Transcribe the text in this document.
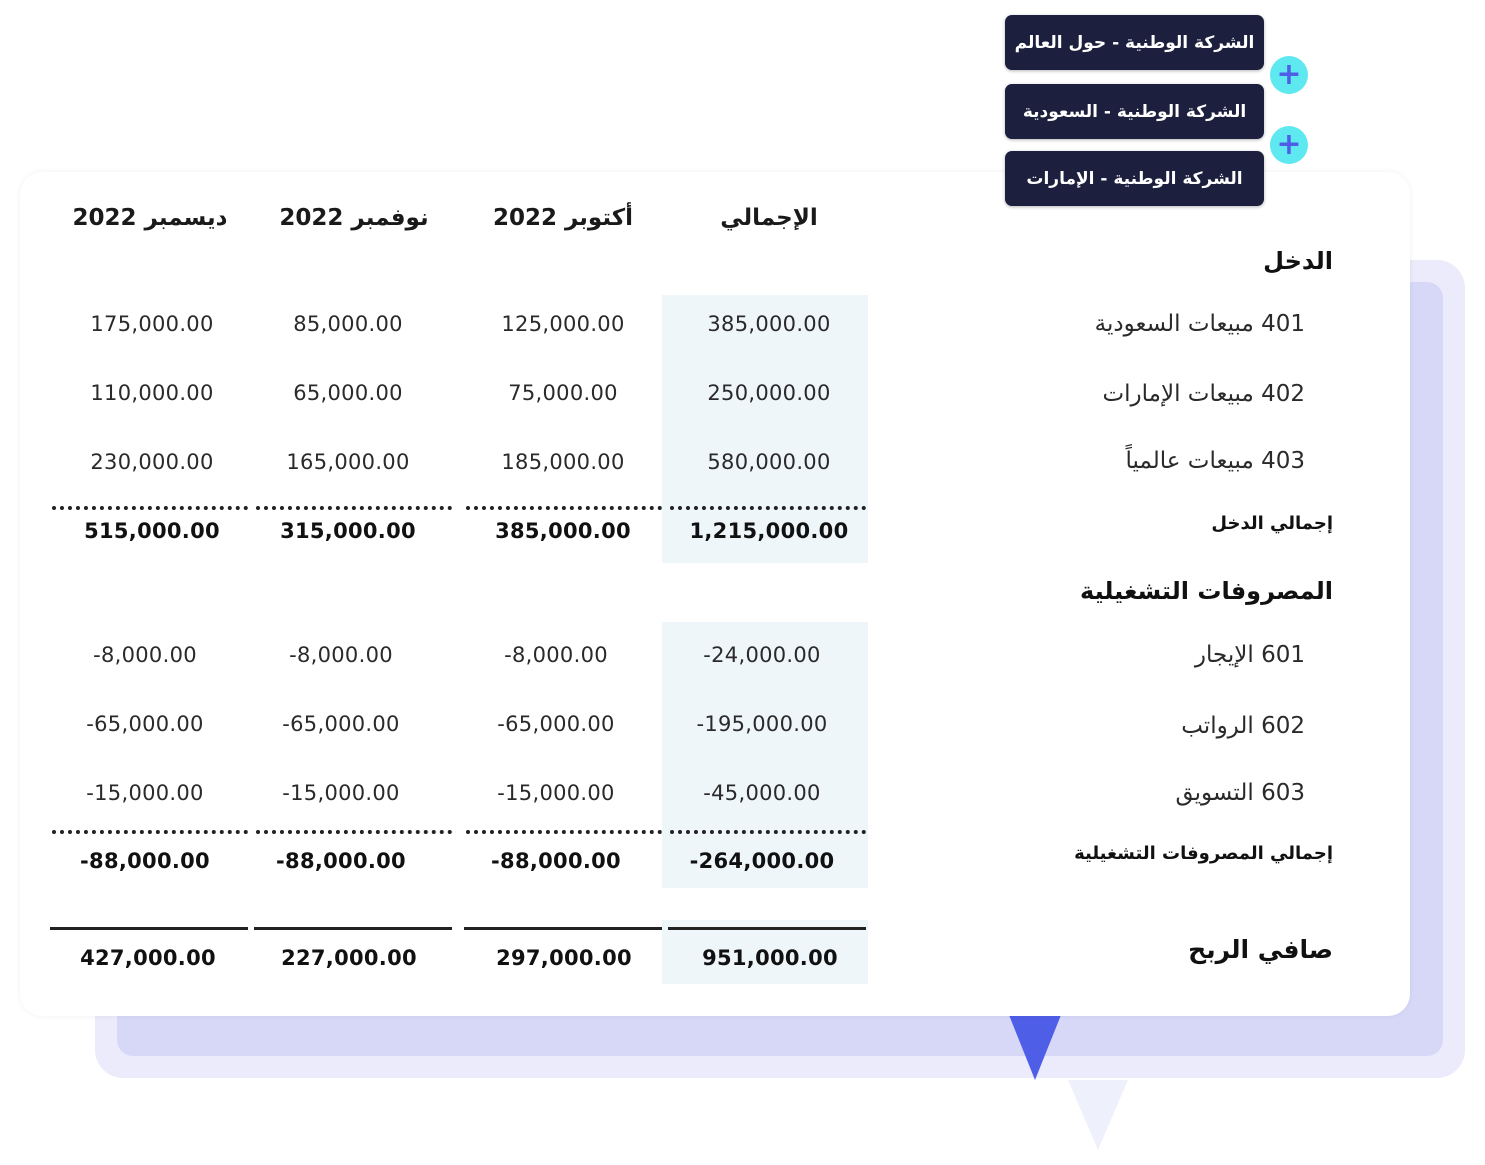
الإجمالي
أكتوبر 2022
نوفمبر 2022
ديسمبر 2022
الدخل
401 مبيعات السعودية
385,000.00
125,000.00
85,000.00
175,000.00
402 مبيعات الإمارات
250,000.00
75,000.00
65,000.00
110,000.00
403 مبيعات عالمياً
580,000.00
185,000.00
165,000.00
230,000.00
إجمالي الدخل
1,215,000.00
385,000.00
315,000.00
515,000.00
المصروفات التشغيلية
601 الإيجار
-24,000.00
-8,000.00
-8,000.00
-8,000.00
602 الرواتب
-195,000.00
-65,000.00
-65,000.00
-65,000.00
603 التسويق
-45,000.00
-15,000.00
-15,000.00
-15,000.00
إجمالي المصروفات التشغيلية
-264,000.00
-88,000.00
-88,000.00
-88,000.00
صافي الربح
951,000.00
297,000.00
227,000.00
427,000.00
الشركة الوطنية - حول العالم
+
الشركة الوطنية - السعودية
+
الشركة الوطنية - الإمارات
